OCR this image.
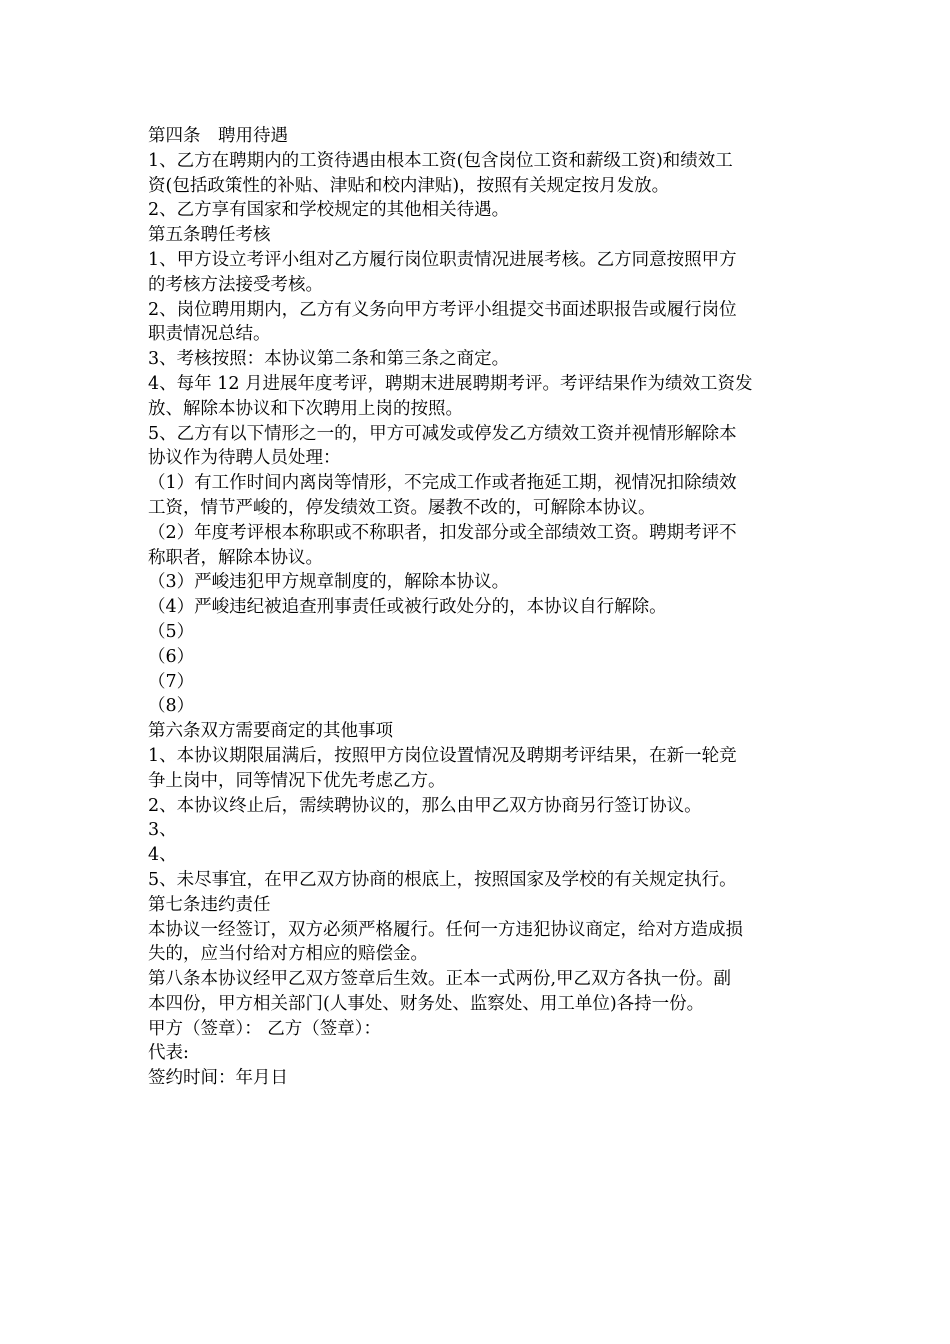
第四条　聘用待遇
1、乙方在聘期内的工资待遇由根本工资(包含岗位工资和薪级工资)和绩效工
资(包括政策性的补贴、津贴和校内津贴)，按照有关规定按月发放。
2、乙方享有国家和学校规定的其他相关待遇。
第五条聘任考核
1、甲方设立考评小组对乙方履行岗位职责情况进展考核。乙方同意按照甲方
的考核方法接受考核。
2、岗位聘用期内，乙方有义务向甲方考评小组提交书面述职报告或履行岗位
职责情况总结。
3、考核按照：本协议第二条和第三条之商定。
4、每年 12 月进展年度考评，聘期末进展聘期考评。考评结果作为绩效工资发
放、解除本协议和下次聘用上岗的按照。
5、乙方有以下情形之一的，甲方可减发或停发乙方绩效工资并视情形解除本
协议作为待聘人员处理：
（1）有工作时间内离岗等情形，不完成工作或者拖延工期，视情况扣除绩效
工资，情节严峻的，停发绩效工资。屡教不改的，可解除本协议。
（2）年度考评根本称职或不称职者，扣发部分或全部绩效工资。聘期考评不
称职者，解除本协议。
（3）严峻违犯甲方规章制度的，解除本协议。
（4）严峻违纪被追查刑事责任或被行政处分的，本协议自行解除。
（5）
（6）
（7）
（8）
第六条双方需要商定的其他事项
1、本协议期限届满后，按照甲方岗位设置情况及聘期考评结果，在新一轮竞
争上岗中，同等情况下优先考虑乙方。
2、本协议终止后，需续聘协议的，那么由甲乙双方协商另行签订协议。
3、
4、
5、未尽事宜，在甲乙双方协商的根底上，按照国家及学校的有关规定执行。
第七条违约责任
本协议一经签订，双方必须严格履行。任何一方违犯协议商定，给对方造成损
失的，应当付给对方相应的赔偿金。
第八条本协议经甲乙双方签章后生效。正本一式两份,甲乙双方各执一份。副
本四份，甲方相关部门(人事处、财务处、监察处、用工单位)各持一份。
甲方（签章）： 乙方（签章）：
代表:
签约时间：年月日
